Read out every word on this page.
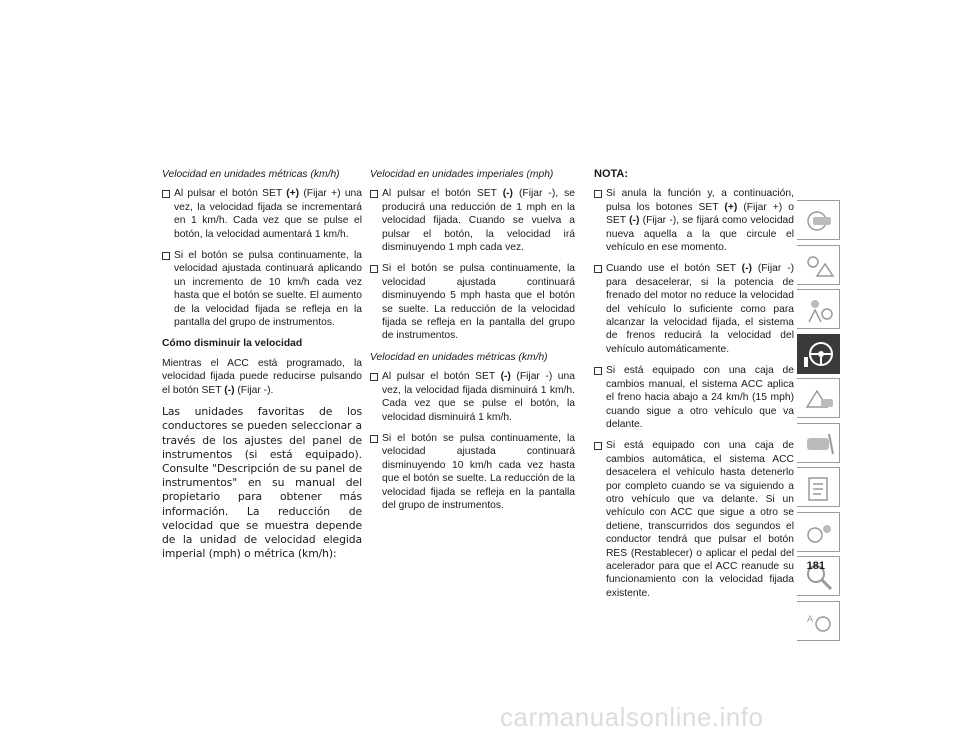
Velocidad en unidades métricas (km/h)
Al pulsar el botón SET (+) (Fijar +) una vez, la velocidad fijada se incrementará en 1 km/h. Cada vez que se pulse el botón, la velocidad aumentará 1 km/h.
Si el botón se pulsa continuamente, la velocidad ajustada continuará aplicando un incremento de 10 km/h cada vez hasta que el botón se suelte. El aumento de la velocidad fijada se refleja en la pantalla del grupo de instrumentos.
Cómo disminuir la velocidad
Mientras el ACC está programado, la velocidad fijada puede reducirse pulsando el botón SET (-) (Fijar -).
Las unidades favoritas de los conductores se pueden seleccionar a través de los ajustes del panel de instrumentos (si está equipado). Consulte "Descripción de su panel de instrumentos" en su manual del propietario para obtener más información. La reducción de velocidad que se muestra depende de la unidad de velocidad elegida imperial (mph) o métrica (km/h):
Velocidad en unidades imperiales (mph)
Al pulsar el botón SET (-) (Fijar -), se producirá una reducción de 1 mph en la velocidad fijada. Cuando se vuelva a pulsar el botón, la velocidad irá disminuyendo 1 mph cada vez.
Si el botón se pulsa continuamente, la velocidad ajustada continuará disminuyendo 5 mph hasta que el botón se suelte. La reducción de la velocidad fijada se refleja en la pantalla del grupo de instrumentos.
Velocidad en unidades métricas (km/h)
Al pulsar el botón SET (-) (Fijar -) una vez, la velocidad fijada disminuirá 1 km/h. Cada vez que se pulse el botón, la velocidad disminuirá 1 km/h.
Si el botón se pulsa continuamente, la velocidad ajustada continuará disminuyendo 10 km/h cada vez hasta que el botón se suelte. La reducción de la velocidad fijada se refleja en la pantalla del grupo de instrumentos.
NOTA:
Si anula la función y, a continuación, pulsa los botones SET (+) (Fijar +) o SET (-) (Fijar -), se fijará como velocidad nueva aquella a la que circule el vehículo en ese momento.
Cuando use el botón SET (-) (Fijar -) para desacelerar, si la potencia de frenado del motor no reduce la velocidad del vehículo lo suficiente como para alcanzar la velocidad fijada, el sistema de frenos reducirá la velocidad del vehículo automáticamente.
Si está equipado con una caja de cambios manual, el sistema ACC aplica el freno hacia abajo a 24 km/h (15 mph) cuando sigue a otro vehículo que va delante.
Si está equipado con una caja de cambios automática, el sistema ACC desacelera el vehículo hasta detenerlo por completo cuando se va siguiendo a otro vehículo que va delante. Si un vehículo con ACC que sigue a otro se detiene, transcurridos dos segundos el conductor tendrá que pulsar el botón RES (Restablecer) o aplicar el pedal del acelerador para que el ACC reanude su funcionamiento con la velocidad fijada existente.
A
181
carmanualsonline.info
